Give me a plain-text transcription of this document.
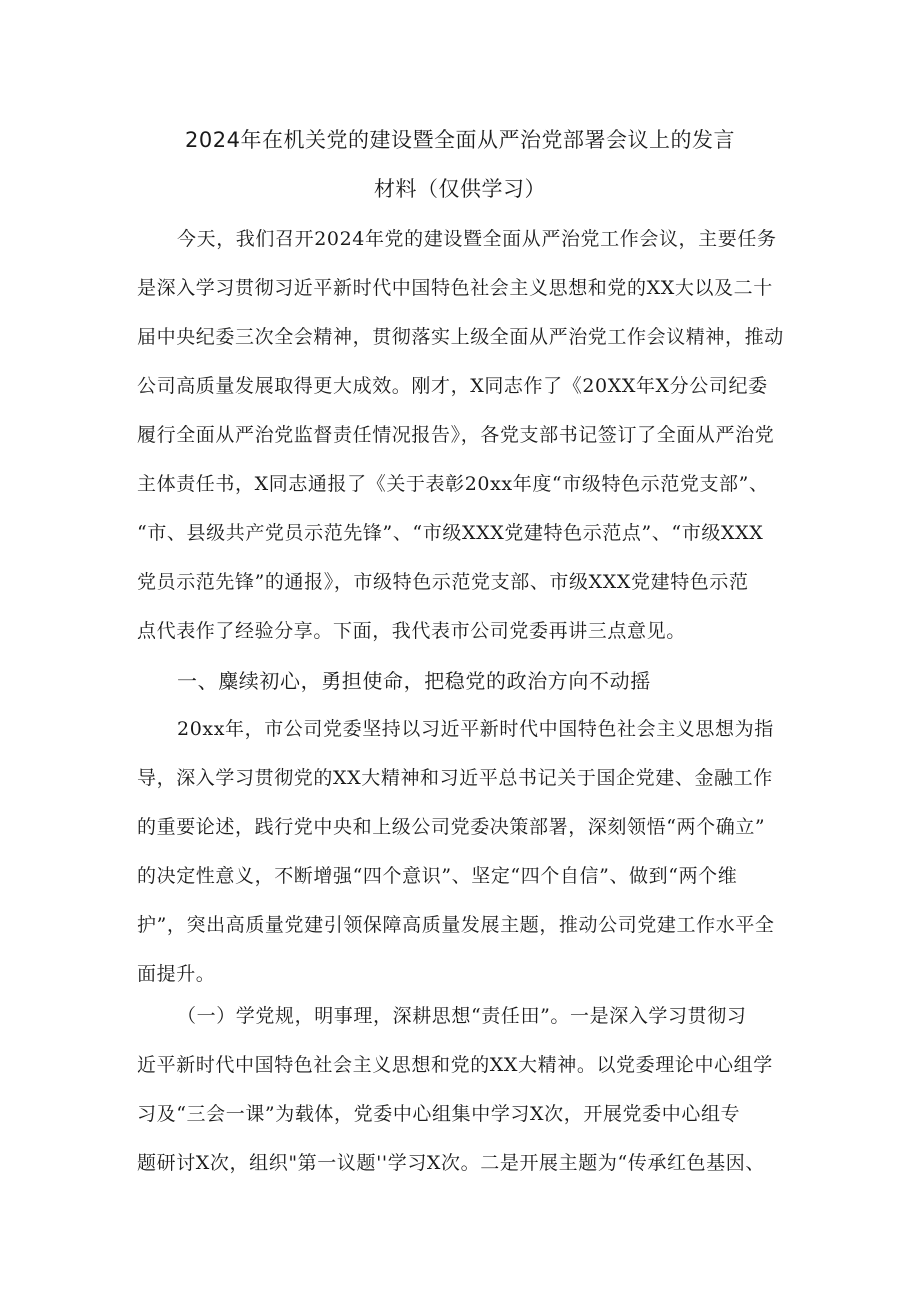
2024年在机关党的建设暨全面从严治党部署会议上的发言
材料（仅供学习）
今天，我们召开2024年党的建设暨全面从严治党工作会议，主要任务
是深入学习贯彻习近平新时代中国特色社会主义思想和党的XX大以及二十
届中央纪委三次全会精神，贯彻落实上级全面从严治党工作会议精神，推动
公司高质量发展取得更大成效。刚才，X同志作了《20XX年X分公司纪委
履行全面从严治党监督责任情况报告》，各党支部书记签订了全面从严治党
主体责任书，X同志通报了《关于表彰20xx年度“市级特色示范党支部”、
“市、县级共产党员示范先锋”、“市级XXX党建特色示范点”、“市级XXX
党员示范先锋”的通报》，市级特色示范党支部、市级XXX党建特色示范
点代表作了经验分享。下面，我代表市公司党委再讲三点意见。
一、麋续初心，勇担使命，把稳党的政治方向不动摇
20xx年，市公司党委坚持以习近平新时代中国特色社会主义思想为指
导，深入学习贯彻党的XX大精神和习近平总书记关于国企党建、金融工作
的重要论述，践行党中央和上级公司党委决策部署，深刻领悟“两个确立”
的决定性意义，不断增强“四个意识”、坚定“四个自信”、做到“两个维
护”，突出高质量党建引领保障高质量发展主题，推动公司党建工作水平全
面提升。
（一）学党规，明事理，深耕思想“责任田”。一是深入学习贯彻习
近平新时代中国特色社会主义思想和党的XX大精神。以党委理论中心组学
习及“三会一课”为载体，党委中心组集中学习X次，开展党委中心组专
题研讨X次，组织"第一议题''学习X次。二是开展主题为“传承红色基因、
